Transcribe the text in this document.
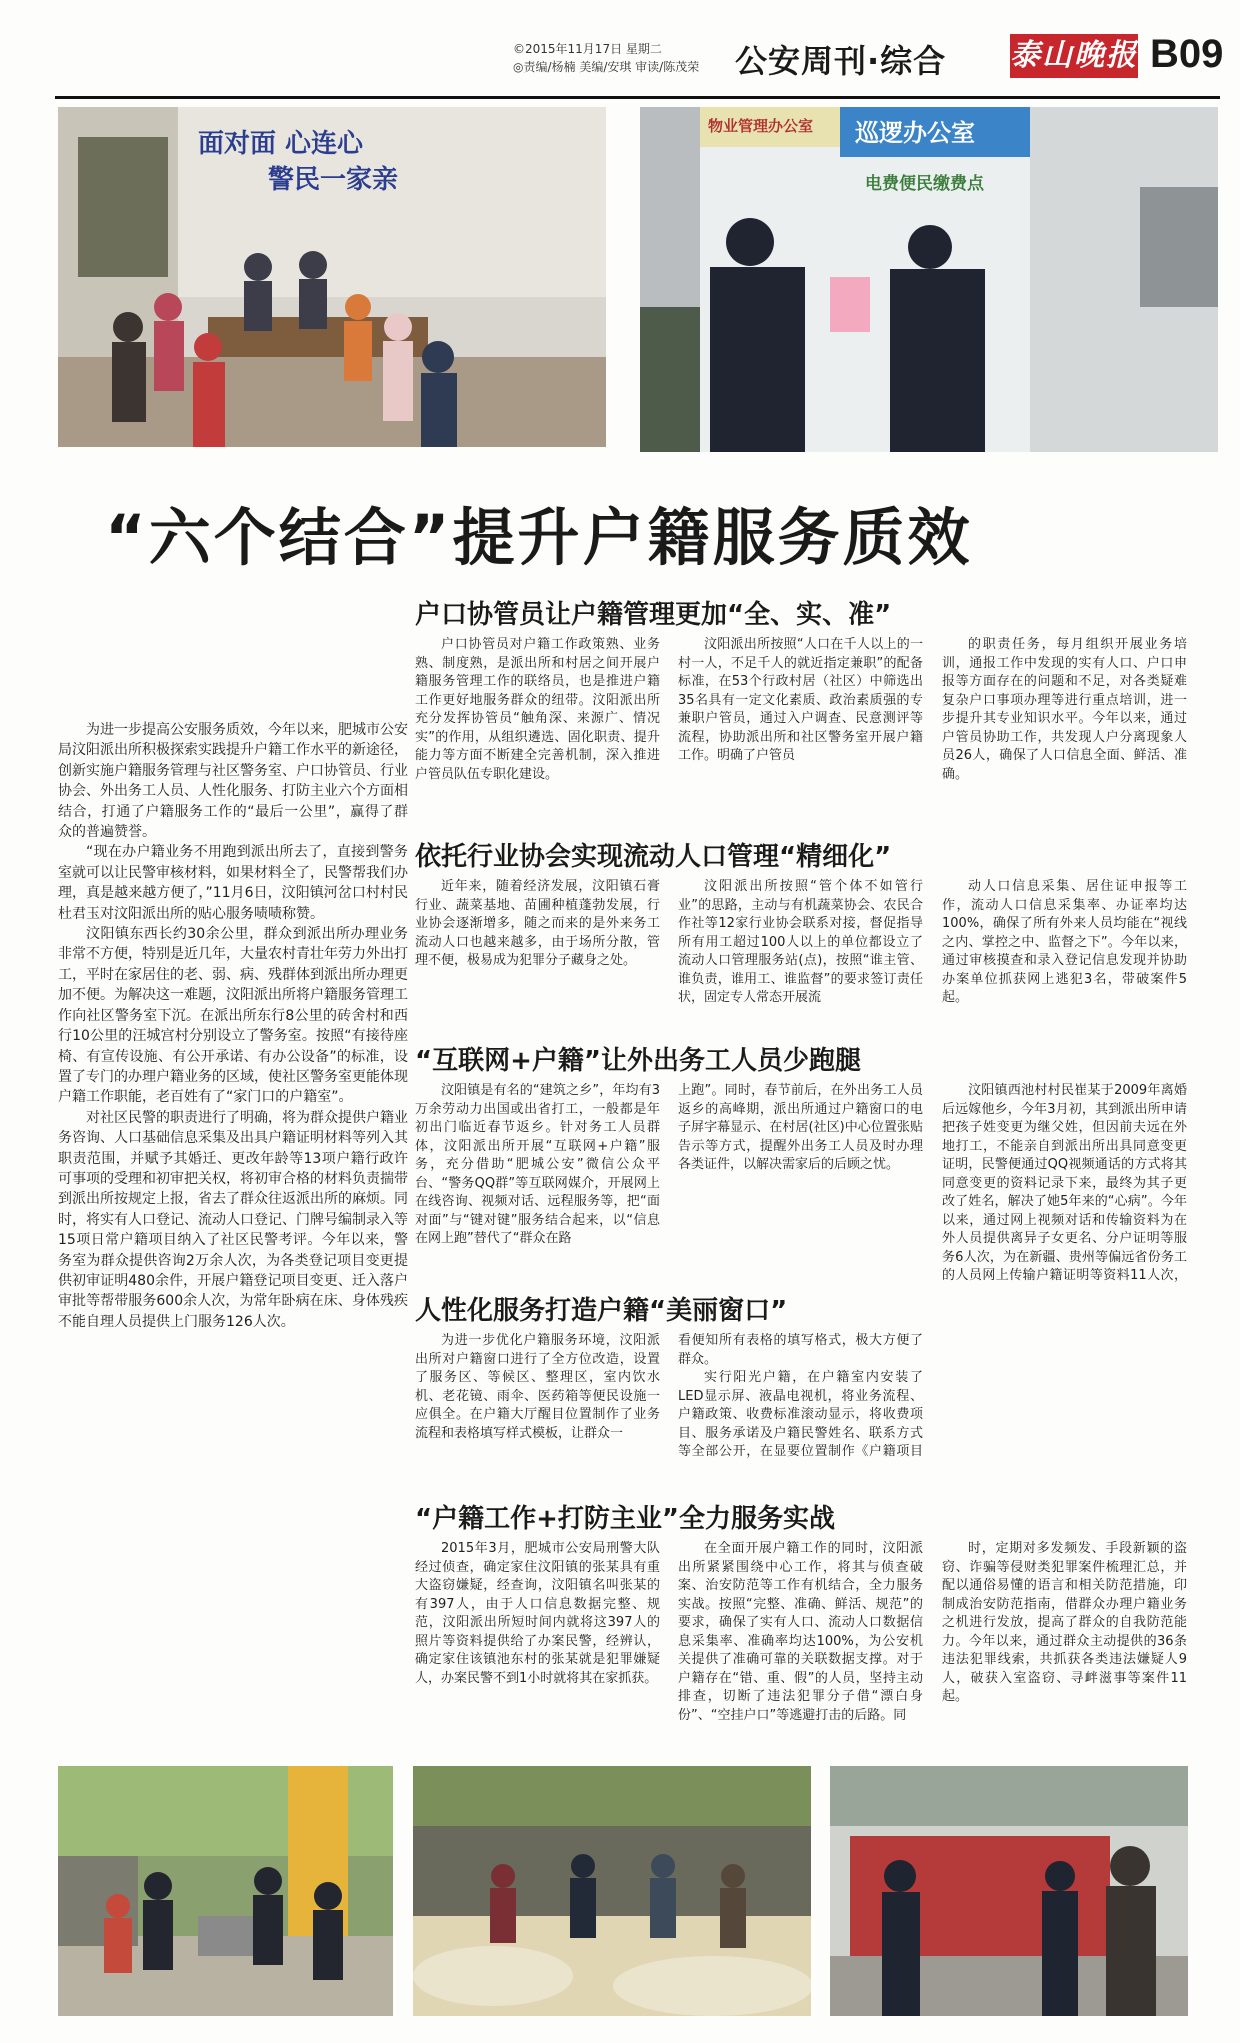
©2015年11月17日 星期二
◎责编/杨楠 美编/安琪 审读/陈茂荣 公安周刊·综合 泰山晚报 B09
面对面 心连心
警民一家亲
物业管理办公室 巡逻办公室
电费便民缴费点
“六个结合”提升户籍服务质效

为进一步提高公安服务质效，今年以来，肥城市公安局汶阳派出所积极探索实践提升户籍工作水平的新途径，创新实施户籍服务管理与社区警务室、户口协管员、行业协会、外出务工人员、人性化服务、打防主业六个方面相结合，打通了户籍服务工作的“最后一公里”，赢得了群众的普遍赞誉。

“现在办户籍业务不用跑到派出所去了，直接到警务室就可以让民警审核材料，如果材料全了，民警帮我们办理，真是越来越方便了，”11月6日，汶阳镇河岔口村村民杜君玉对汶阳派出所的贴心服务啧啧称赞。

汶阳镇东西长约30余公里，群众到派出所办理业务非常不方便，特别是近几年，大量农村青壮年劳力外出打工，平时在家居住的老、弱、病、残群体到派出所办理更加不便。为解决这一难题，汶阳派出所将户籍服务管理工作向社区警务室下沉。在派出所东行8公里的砖舍村和西行10公里的汪城宫村分别设立了警务室。按照“有接待座椅、有宣传设施、有公开承诺、有办公设备”的标准，设置了专门的办理户籍业务的区域，使社区警务室更能体现户籍工作职能，老百姓有了“家门口的户籍室”。

对社区民警的职责进行了明确，将为群众提供户籍业务咨询、人口基础信息采集及出具户籍证明材料等列入其职责范围，并赋予其婚迁、更改年龄等13项户籍行政许可事项的受理和初审把关权，将初审合格的材料负责揣带到派出所按规定上报，省去了群众往返派出所的麻烦。同时，将实有人口登记、流动人口登记、门牌号编制录入等15项日常户籍项目纳入了社区民警考评。今年以来，警务室为群众提供咨询2万余人次，为各类登记项目变更提供初审证明480余件，开展户籍登记项目变更、迁入落户审批等帮带服务600余人次，为常年卧病在床、身体残疾不能自理人员提供上门服务126人次。

户口协管员让户籍管理更加“全、实、准”

户口协管员对户籍工作政策熟、业务熟、制度熟，是派出所和村居之间开展户籍服务管理工作的联络员，也是推进户籍工作更好地服务群众的纽带。汶阳派出所充分发挥协管员“触角深、来源广、情况实”的作用，从组织遴选、固化职责、提升能力等方面不断建全完善机制，深入推进户管员队伍专职化建设。

汶阳派出所按照“人口在千人以上的一村一人，不足千人的就近指定兼职”的配备标准，在53个行政村居（社区）中筛选出35名具有一定文化素质、政治素质强的专兼职户管员，通过入户调查、民意测评等流程，协助派出所和社区警务室开展户籍工作。明确了户管员

的职责任务，每月组织开展业务培训，通报工作中发现的实有人口、户口申报等方面存在的问题和不足，对各类疑难复杂户口事项办理等进行重点培训，进一步提升其专业知识水平。今年以来，通过户管员协助工作，共发现人户分离现象人员26人，确保了人口信息全面、鲜活、准确。

依托行业协会实现流动人口管理“精细化”

近年来，随着经济发展，汶阳镇石膏行业、蔬菜基地、苗圃种植蓬勃发展，行业协会逐渐增多，随之而来的是外来务工流动人口也越来越多，由于场所分散，管理不便，极易成为犯罪分子藏身之处。

汶阳派出所按照“管个体不如管行业”的思路，主动与有机蔬菜协会、农民合作社等12家行业协会联系对接，督促指导所有用工超过100人以上的单位都设立了流动人口管理服务站(点)，按照“谁主管、谁负责，谁用工、谁监督”的要求签订责任状，固定专人常态开展流

动人口信息采集、居住证申报等工作，流动人口信息采集率、办证率均达100%，确保了所有外来人员均能在“视线之内、掌控之中、监督之下”。今年以来，通过审核摸查和录入登记信息发现并协助办案单位抓获网上逃犯3名，带破案件5起。

“互联网+户籍”让外出务工人员少跑腿

汶阳镇是有名的“建筑之乡”，年均有3万余劳动力出国或出省打工，一般都是年初出门临近春节返乡。针对务工人员群体，汶阳派出所开展“互联网+户籍”服务，充分借助“肥城公安”微信公众平台、“警务QQ群”等互联网媒介，开展网上在线咨询、视频对话、远程服务等，把“面对面”与“键对键”服务结合起来，以“信息在网上跑”替代了“群众在路

上跑”。同时，春节前后，在外出务工人员返乡的高峰期，派出所通过户籍窗口的电子屏字幕显示、在村居(社区)中心位置张贴告示等方式，提醒外出务工人员及时办理各类证件，以解决需家后的后顾之忧。

汶阳镇西池村村民崔某于2009年离婚后远嫁他乡，今年3月初，其到派出所申请把孩子姓变更为继父姓，但因前夫远在外地打工，不能亲自到派出所出具同意变更证明，民警便通过QQ视频通话的方式将其同意变更的资料记录下来，最终为其子更改了姓名，解决了她5年来的“心病”。今年以来，通过网上视频对话和传输资料为在外人员提供离异子女更名、分户证明等服务6人次，为在新疆、贵州等偏远省份务工的人员网上传输户籍证明等资料11人次，

人性化服务打造户籍“美丽窗口”

为进一步优化户籍服务环境，汶阳派出所对户籍窗口进行了全方位改造，设置了服务区、等候区、整理区，室内饮水机、老花镜、雨伞、医药箱等便民设施一应俱全。在户籍大厅醒目位置制作了业务流程和表格填写样式模板，让群众一

看便知所有表格的填写格式，极大方便了群众。

实行阳光户籍，在户籍室内安装了LED显示屏、液晶电视机，将业务流程、户籍政策、收费标准滚动显示，将收费项目、服务承诺及户籍民警姓名、联系方式等全部公开，在显要位置制作《户籍项目

“户籍工作+打防主业”全力服务实战

2015年3月，肥城市公安局刑警大队经过侦查，确定家住汶阳镇的张某具有重大盗窃嫌疑，经查询，汶阳镇名叫张某的有397人，由于人口信息数据完整、规范，汶阳派出所短时间内就将这397人的照片等资料提供给了办案民警，经辨认，确定家住该镇池东村的张某就是犯罪嫌疑人，办案民警不到1小时就将其在家抓获。

在全面开展户籍工作的同时，汶阳派出所紧紧围绕中心工作，将其与侦查破案、治安防范等工作有机结合，全力服务实战。按照“完整、准确、鲜活、规范”的要求，确保了实有人口、流动人口数据信息采集率、准确率均达100%，为公安机关提供了准确可靠的关联数据支撑。对于户籍存在“错、重、假”的人员，坚持主动排查，切断了违法犯罪分子借“漂白身份”、“空挂户口”等逃避打击的后路。同

时，定期对多发频发、手段新颖的盗窃、诈骗等侵财类犯罪案件梳理汇总，并配以通俗易懂的语言和相关防范措施，印制成治安防范指南，借群众办理户籍业务之机进行发放，提高了群众的自我防范能力。今年以来，通过群众主动提供的36条违法犯罪线索，共抓获各类违法嫌疑人9人，破获入室盗窃、寻衅滋事等案件11起。
